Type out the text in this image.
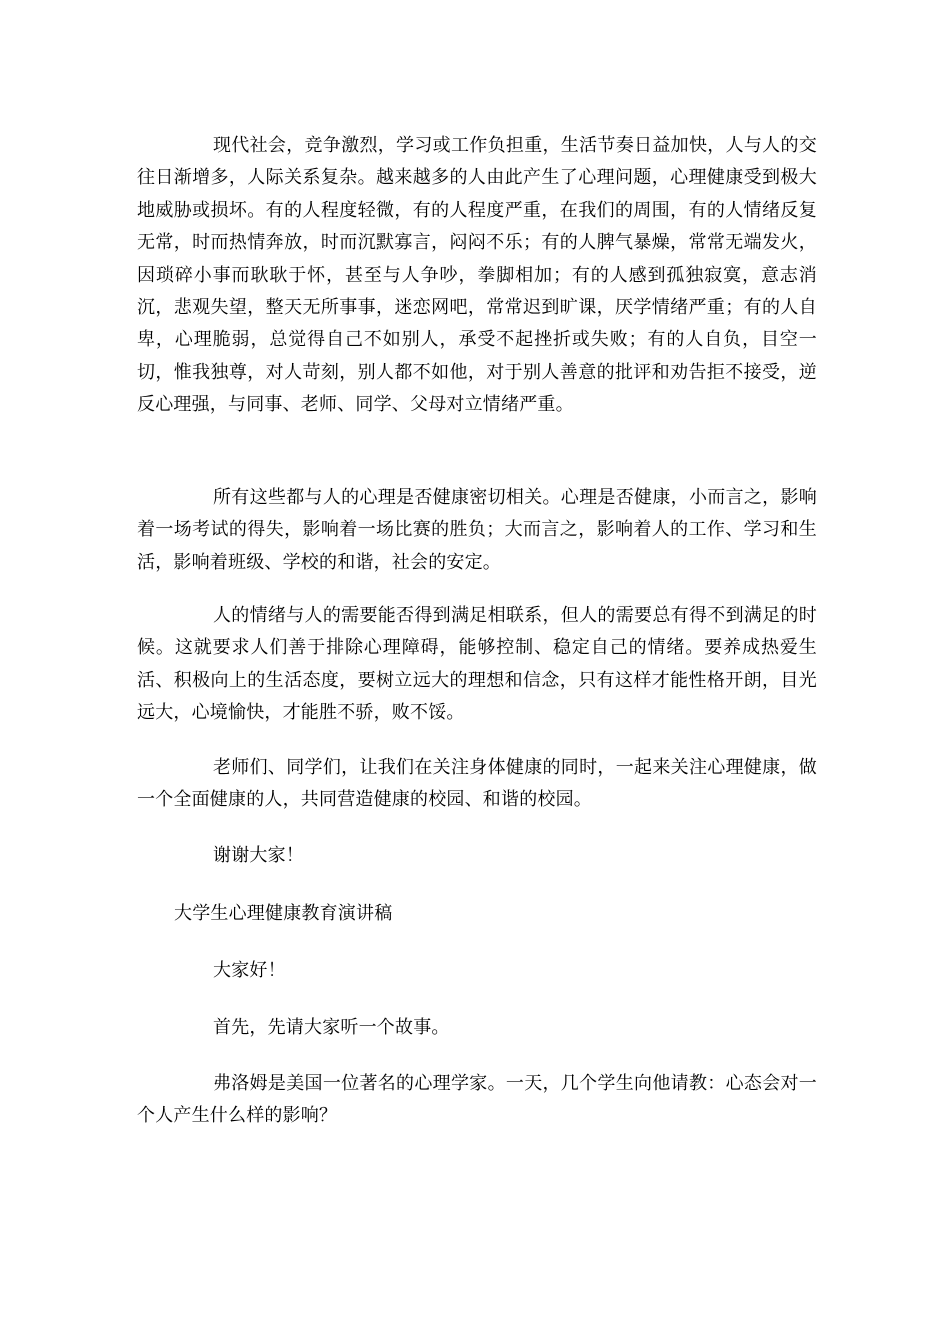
现代社会，竞争激烈，学习或工作负担重，生活节奏日益加快，人与人的交往日渐增多，人际关系复杂。越来越多的人由此产生了心理问题，心理健康受到极大地威胁或损坏。有的人程度轻微，有的人程度严重，在我们的周围，有的人情绪反复无常，时而热情奔放，时而沉默寡言，闷闷不乐；有的人脾气暴燥，常常无端发火，因琐碎小事而耿耿于怀，甚至与人争吵，拳脚相加；有的人感到孤独寂寞，意志消沉，悲观失望，整天无所事事，迷恋网吧，常常迟到旷课，厌学情绪严重；有的人自卑，心理脆弱，总觉得自己不如别人，承受不起挫折或失败；有的人自负，目空一切，惟我独尊，对人苛刻，别人都不如他，对于别人善意的批评和劝告拒不接受，逆反心理强，与同事、老师、同学、父母对立情绪严重。

所有这些都与人的心理是否健康密切相关。心理是否健康，小而言之，影响着一场考试的得失，影响着一场比赛的胜负；大而言之，影响着人的工作、学习和生活，影响着班级、学校的和谐，社会的安定。

人的情绪与人的需要能否得到满足相联系，但人的需要总有得不到满足的时候。这就要求人们善于排除心理障碍，能够控制、稳定自己的情绪。要养成热爱生活、积极向上的生活态度，要树立远大的理想和信念，只有这样才能性格开朗，目光远大，心境愉快，才能胜不骄，败不馁。

老师们、同学们，让我们在关注身体健康的同时，一起来关注心理健康，做一个全面健康的人，共同营造健康的校园、和谐的校园。

谢谢大家！

大学生心理健康教育演讲稿

大家好！

首先，先请大家听一个故事。

弗洛姆是美国一位著名的心理学家。一天，几个学生向他请教：心态会对一个人产生什么样的影响？
